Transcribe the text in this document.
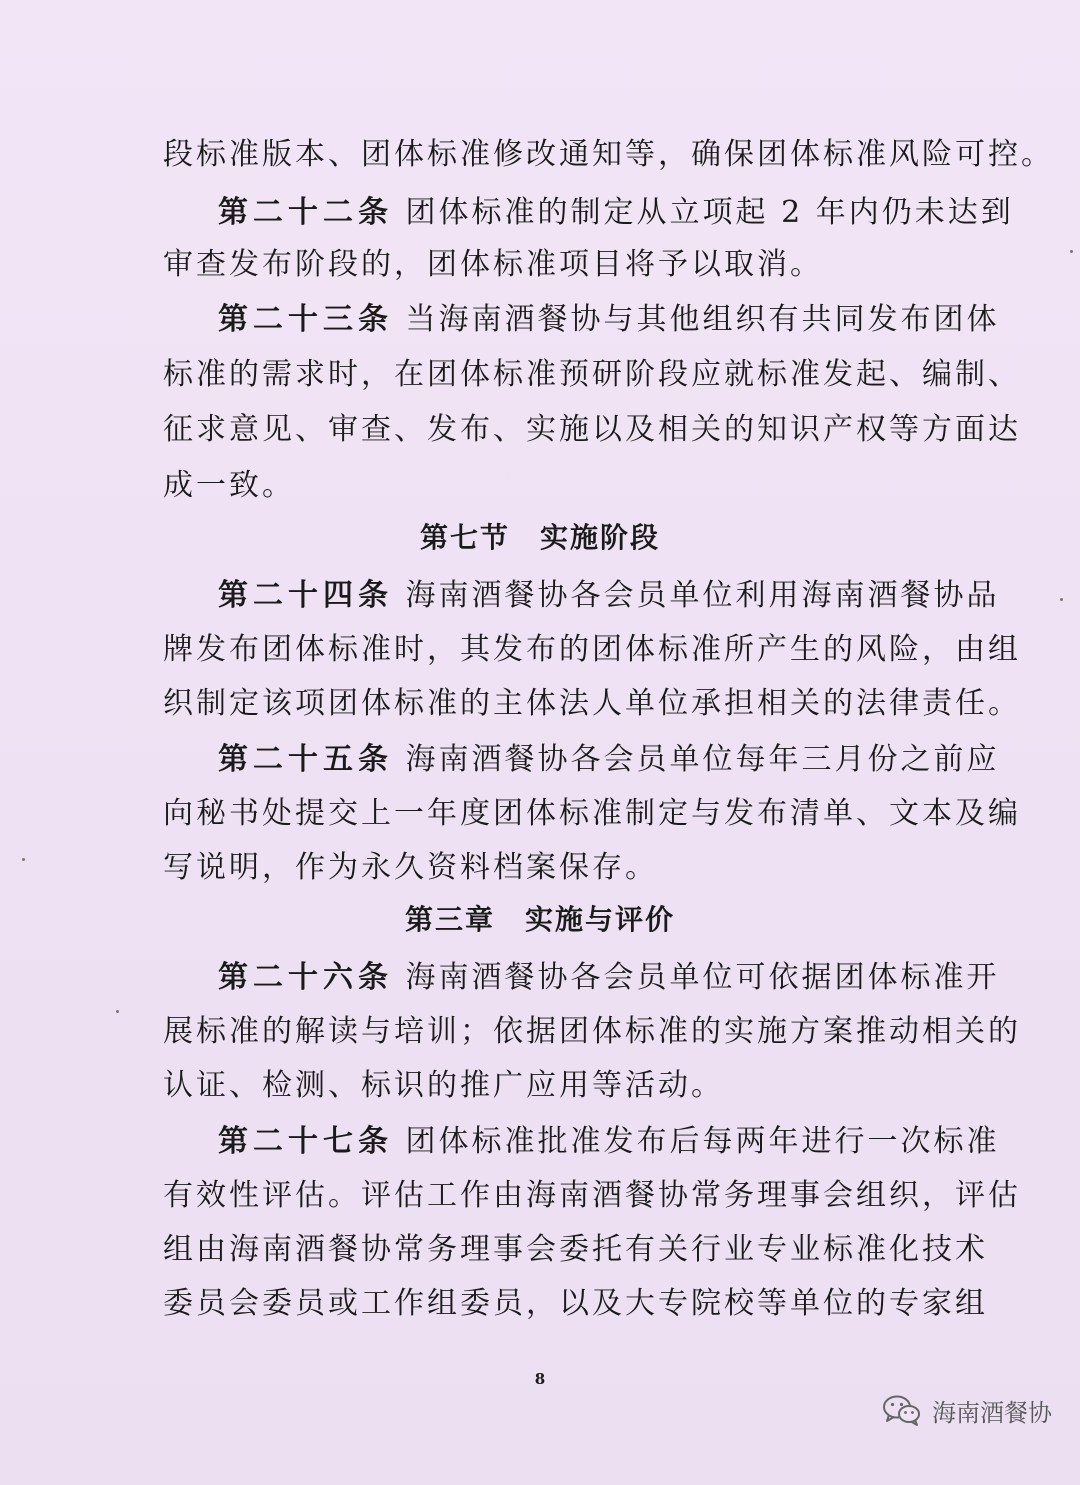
段标准版本、团体标准修改通知等，确保团体标准风险可控。
第二十二条 团体标准的制定从立项起 2 年内仍未达到
审查发布阶段的，团体标准项目将予以取消。
第二十三条 当海南酒餐协与其他组织有共同发布团体
标准的需求时，在团体标准预研阶段应就标准发起、编制、
征求意见、审查、发布、实施以及相关的知识产权等方面达
成一致。
第七节　实施阶段
第二十四条 海南酒餐协各会员单位利用海南酒餐协品
牌发布团体标准时，其发布的团体标准所产生的风险，由组
织制定该项团体标准的主体法人单位承担相关的法律责任。
第二十五条 海南酒餐协各会员单位每年三月份之前应
向秘书处提交上一年度团体标准制定与发布清单、文本及编
写说明，作为永久资料档案保存。
第三章　实施与评价
第二十六条 海南酒餐协各会员单位可依据团体标准开
展标准的解读与培训；依据团体标准的实施方案推动相关的
认证、检测、标识的推广应用等活动。
第二十七条 团体标准批准发布后每两年进行一次标准
有效性评估。评估工作由海南酒餐协常务理事会组织，评估
组由海南酒餐协常务理事会委托有关行业专业标准化技术
委员会委员或工作组委员，以及大专院校等单位的专家组
8
海南酒餐协
